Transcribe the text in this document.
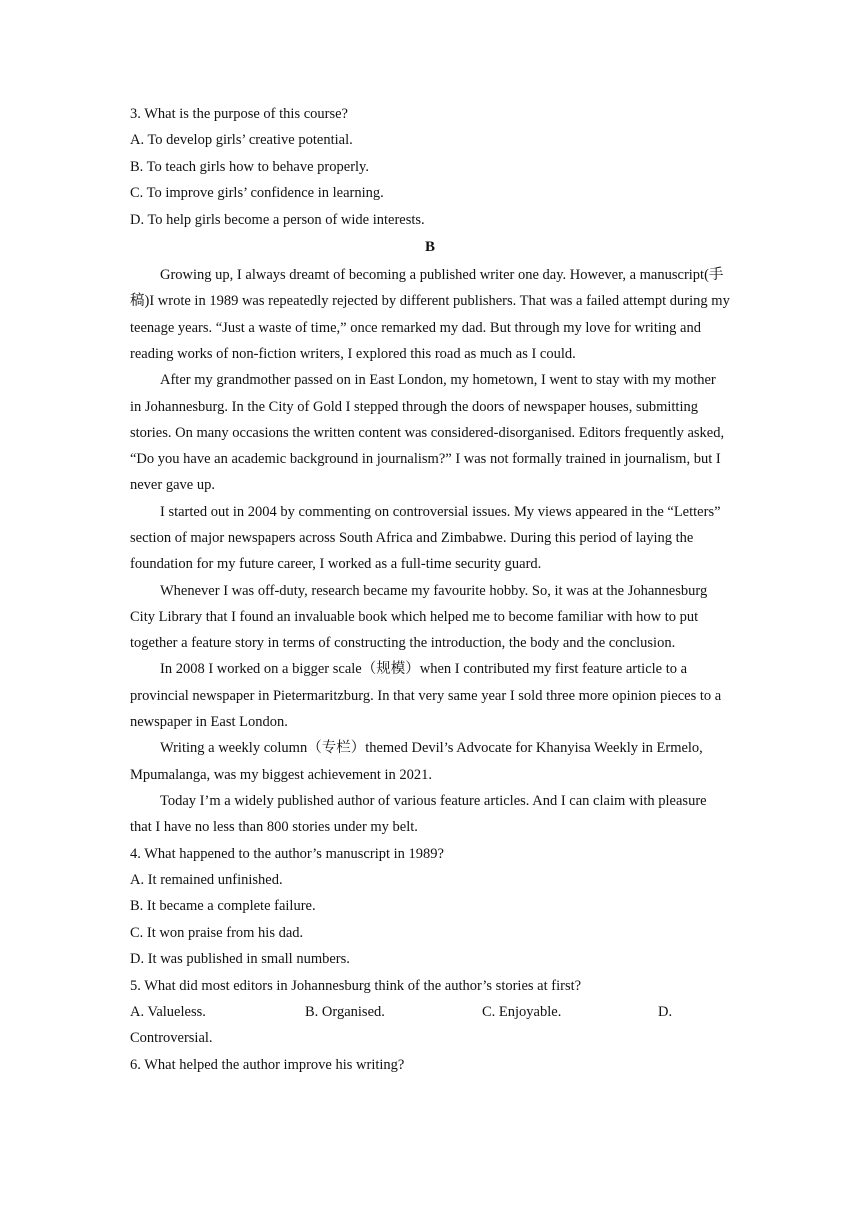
3. What is the purpose of this course?

A. To develop girls’ creative potential.

B. To teach girls how to behave properly.

C. To improve girls’ confidence in learning.

D. To help girls become a person of wide interests.

B

Growing up, I always dreamt of becoming a published writer one day. However, a manuscript(手稿)I wrote in 1989 was repeatedly rejected by different publishers. That was a failed attempt during my teenage years. “Just a waste of time,” once remarked my dad. But through my love for writing and reading works of non-fiction writers, I explored this road as much as I could.

After my grandmother passed on in East London, my hometown, I went to stay with my mother in Johannesburg. In the City of Gold I stepped through the doors of newspaper houses, submitting stories. On many occasions the written content was considered-disorganised. Editors frequently asked, “Do you have an academic background in journalism?” I was not formally trained in journalism, but I never gave up.

I started out in 2004 by commenting on controversial issues. My views appeared in the “Letters” section of major newspapers across South Africa and Zimbabwe. During this period of laying the foundation for my future career, I worked as a full-time security guard.

Whenever I was off-duty, research became my favourite hobby. So, it was at the Johannesburg City Library that I found an invaluable book which helped me to become familiar with how to put together a feature story in terms of constructing the introduction, the body and the conclusion.

In 2008 I worked on a bigger scale（规模）when I contributed my first feature article to a provincial newspaper in Pietermaritzburg. In that very same year I sold three more opinion pieces to a newspaper in East London.

Writing a weekly column（专栏）themed Devil’s Advocate for Khanyisa Weekly in Ermelo, Mpumalanga, was my biggest achievement in 2021.

Today I’m a widely published author of various feature articles. And I can claim with pleasure that I have no less than 800 stories under my belt.

4. What happened to the author’s manuscript in 1989?

A. It remained unfinished.

B. It became a complete failure.

C. It won praise from his dad.

D. It was published in small numbers.

5. What did most editors in Johannesburg think of the author’s stories at first?

A. Valueless.	B. Organised.	C. Enjoyable.	D.

Controversial.

6. What helped the author improve his writing?
